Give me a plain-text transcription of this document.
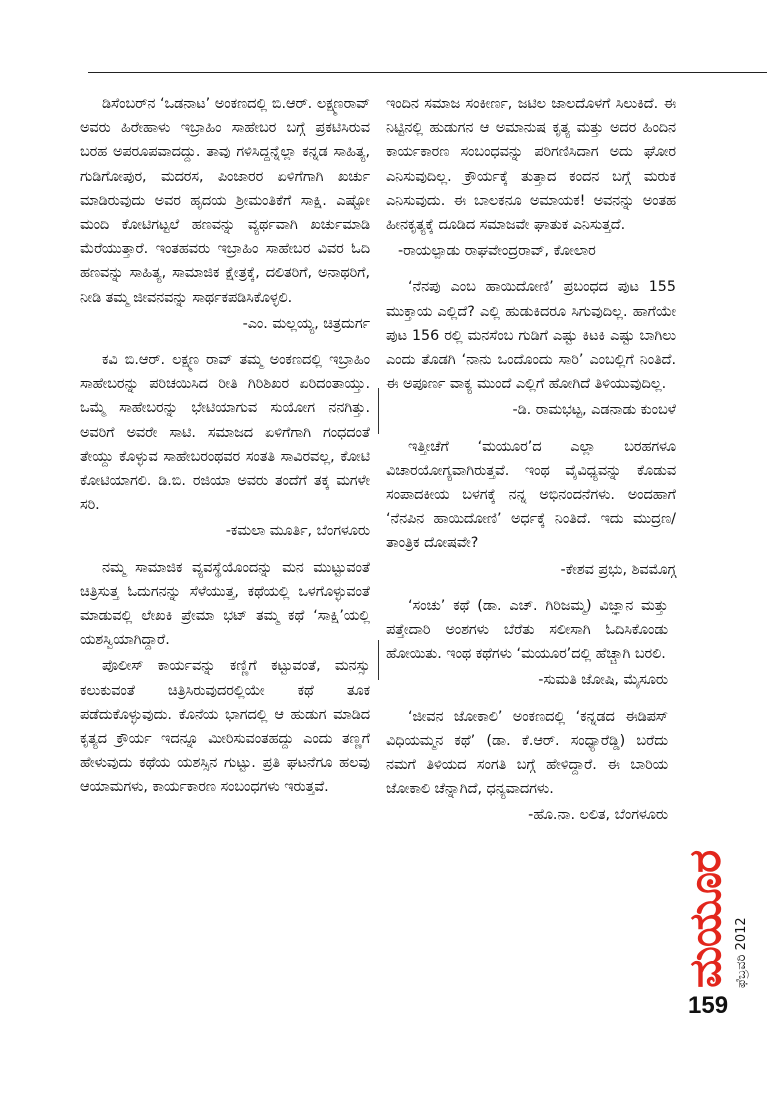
ಡಿಸೆಂಬರ್‌ನ ‘ಒಡನಾಟ’ ಅಂಕಣದಲ್ಲಿ ಬಿ.ಆರ್. ಲಕ್ಷ್ಮಣರಾವ್ ಅವರು ಹಿರೇಹಾಳು ಇಬ್ರಾಹಿಂ ಸಾಹೇಬರ ಬಗ್ಗೆ ಪ್ರಕಟಿಸಿರುವ ಬರಹ ಅಪರೂಪವಾದದ್ದು. ತಾವು ಗಳಿಸಿದ್ದನ್ನೆಲ್ಲಾ ಕನ್ನಡ ಸಾಹಿತ್ಯ, ಗುಡಿಗೋಪುರ, ಮದರಸ, ಪಿಂಜಾರರ ಏಳಿಗೆಗಾಗಿ ಖರ್ಚು ಮಾಡಿರುವುದು ಅವರ ಹೃದಯ ಶ್ರೀಮಂತಿಕೆಗೆ ಸಾಕ್ಷಿ. ಎಷ್ಟೋ ಮಂದಿ ಕೋಟಿಗಟ್ಟಲೆ ಹಣವನ್ನು ವ್ಯರ್ಥವಾಗಿ ಖರ್ಚುಮಾಡಿ ಮೆರೆಯುತ್ತಾರೆ. ಇಂತಹವರು ಇಬ್ರಾಹಿಂ ಸಾಹೇಬರ ವಿವರ ಓದಿ ಹಣವನ್ನು ಸಾಹಿತ್ಯ, ಸಾಮಾಜಿಕ ಕ್ಷೇತ್ರಕ್ಕೆ, ದಲಿತರಿಗೆ, ಅನಾಥರಿಗೆ, ನೀಡಿ ತಮ್ಮ ಜೀವನವನ್ನು ಸಾರ್ಥಕಪಡಿಸಿಕೊಳ್ಳಲಿ.

-ಎಂ. ಮಲ್ಲಯ್ಯ, ಚಿತ್ರದುರ್ಗ

ಕವಿ ಬಿ.ಆರ್. ಲಕ್ಷ್ಮಣ ರಾವ್ ತಮ್ಮ ಅಂಕಣದಲ್ಲಿ ಇಬ್ರಾಹಿಂ ಸಾಹೇಬರನ್ನು ಪರಿಚಯಿಸಿದ ರೀತಿ ಗಿರಿಶಿಖರ ಏರಿದಂತಾಯ್ತು. ಒಮ್ಮೆ ಸಾಹೇಬರನ್ನು ಭೇಟಿಯಾಗುವ ಸುಯೋಗ ನನಗಿತ್ತು. ಅವರಿಗೆ ಅವರೇ ಸಾಟಿ. ಸಮಾಜದ ಏಳಿಗೆಗಾಗಿ ಗಂಧದಂತೆ ತೇಯ್ದು ಕೊಳ್ಳುವ ಸಾಹೇಬರಂಥವರ ಸಂತತಿ ಸಾವಿರವಲ್ಲ, ಕೋಟಿ ಕೋಟಿಯಾಗಲಿ. ಡಿ.ಬಿ. ರಜಿಯಾ ಅವರು ತಂದೆಗೆ ತಕ್ಕ ಮಗಳೇ ಸರಿ.

-ಕಮಲಾ ಮೂರ್ತಿ, ಬೆಂಗಳೂರು

ನಮ್ಮ ಸಾಮಾಜಿಕ ವ್ಯವಸ್ಥೆಯೊಂದನ್ನು ಮನ ಮುಟ್ಟುವಂತೆ ಚಿತ್ರಿಸುತ್ತ ಓದುಗನನ್ನು ಸೆಳೆಯುತ್ತ, ಕಥೆಯಲ್ಲಿ ಒಳಗೊಳ್ಳುವಂತೆ ಮಾಡುವಲ್ಲಿ ಲೇಖಕಿ ಪ್ರೇಮಾ ಭಟ್ ತಮ್ಮ ಕಥೆ ‘ಸಾಕ್ಷಿ’ಯಲ್ಲಿ ಯಶಸ್ವಿಯಾಗಿದ್ದಾರೆ.

ಪೊಲೀಸ್ ಕಾರ್ಯವನ್ನು ಕಣ್ಣಿಗೆ ಕಟ್ಟುವಂತೆ, ಮನಸ್ಸು ಕಲುಕುವಂತೆ ಚಿತ್ರಿಸಿರುವುದರಲ್ಲಿಯೇ ಕಥೆ ತೂಕ ಪಡೆದುಕೊಳ್ಳುವುದು. ಕೊನೆಯ ಭಾಗದಲ್ಲಿ ಆ ಹುಡುಗ ಮಾಡಿದ ಕೃತ್ಯದ ಕ್ರೌರ್ಯ ಇದನ್ನೂ ಮೀರಿಸುವಂತಹದ್ದು ಎಂದು ತಣ್ಣಗೆ ಹೇಳುವುದು ಕಥೆಯ ಯಶಸ್ಸಿನ ಗುಟ್ಟು. ಪ್ರತಿ ಘಟನೆಗೂ ಹಲವು ಆಯಾಮಗಳು, ಕಾರ್ಯಕಾರಣ ಸಂಬಂಧಗಳು ಇರುತ್ತವೆ.

ಇಂದಿನ ಸಮಾಜ ಸಂಕೀರ್ಣ, ಜಟಿಲ ಜಾಲದೊಳಗೆ ಸಿಲುಕಿದೆ. ಈ ನಿಟ್ಟಿನಲ್ಲಿ ಹುಡುಗನ ಆ ಅಮಾನುಷ ಕೃತ್ಯ ಮತ್ತು ಅದರ ಹಿಂದಿನ ಕಾರ್ಯಕಾರಣ ಸಂಬಂಧವನ್ನು ಪರಿಗಣಿಸಿದಾಗ ಅದು ಘೋರ ಎನಿಸುವುದಿಲ್ಲ. ಕ್ರೌರ್ಯಕ್ಕೆ ತುತ್ತಾದ ಕಂದನ ಬಗ್ಗೆ ಮರುಕ ಎನಿಸುವುದು. ಈ ಬಾಲಕನೂ ಅಮಾಯಕ! ಅವನನ್ನು ಅಂತಹ ಹೀನಕೃತ್ಯಕ್ಕೆ ದೂಡಿದ ಸಮಾಜವೇ ಘಾತುಕ ಎನಿಸುತ್ತದೆ.

-ರಾಯಲ್ಪಾಡು ರಾಘವೇಂದ್ರರಾವ್, ಕೋಲಾರ

‘ನೆನಪು ಎಂಬ ಹಾಯಿದೋಣಿ’ ಪ್ರಬಂಧದ ಪುಟ 155 ಮುಕ್ತಾಯ ಎಲ್ಲಿದೆ? ಎಲ್ಲಿ ಹುಡುಕಿದರೂ ಸಿಗುವುದಿಲ್ಲ. ಹಾಗೆಯೇ ಪುಟ 156 ರಲ್ಲಿ ಮನಸೆಂಬ ಗುಡಿಗೆ ಎಷ್ಟು ಕಿಟಕಿ ಎಷ್ಟು ಬಾಗಿಲು ಎಂದು ತೊಡಗಿ ‘ನಾನು ಒಂದೊಂದು ಸಾರಿ’ ಎಂಬಲ್ಲಿಗೆ ನಿಂತಿದೆ. ಈ ಅಪೂರ್ಣ ವಾಕ್ಯ ಮುಂದೆ ಎಲ್ಲಿಗೆ ಹೋಗಿದೆ ತಿಳಿಯುವುದಿಲ್ಲ.

-ಡಿ. ರಾಮಭಟ್ಟ, ಎಡನಾಡು ಕುಂಬಳೆ

ಇತ್ತೀಚೆಗೆ ‘ಮಯೂರ’ದ ಎಲ್ಲಾ ಬರಹಗಳೂ ವಿಚಾರಯೋಗ್ಯವಾಗಿರುತ್ತವೆ. ಇಂಥ ವೈವಿಧ್ಯವನ್ನು ಕೊಡುವ ಸಂಪಾದಕೀಯ ಬಳಗಕ್ಕೆ ನನ್ನ ಅಭಿನಂದನೆಗಳು. ಅಂದಹಾಗೆ ‘ನೆನಪಿನ ಹಾಯಿದೋಣಿ’ ಅರ್ಧಕ್ಕೆ ನಿಂತಿದೆ. ಇದು ಮುದ್ರಣ/ತಾಂತ್ರಿಕ ದೋಷವೇ?

-ಕೇಶವ ಪ್ರಭು, ಶಿವಮೊಗ್ಗ

‘ಸಂಚು’ ಕಥೆ (ಡಾ. ಎಚ್. ಗಿರಿಜಮ್ಮ) ವಿಜ್ಞಾನ ಮತ್ತು ಪತ್ತೇದಾರಿ ಅಂಶಗಳು ಬೆರೆತು ಸಲೀಸಾಗಿ ಓದಿಸಿಕೊಂಡು ಹೋಯಿತು. ಇಂಥ ಕಥೆಗಳು ‘ಮಯೂರ’ದಲ್ಲಿ ಹೆಚ್ಚಾಗಿ ಬರಲಿ.

-ಸುಮತಿ ಜೋಷಿ, ಮೈಸೂರು

‘ಜೀವನ ಜೋಕಾಲಿ’ ಅಂಕಣದಲ್ಲಿ ‘ಕನ್ನಡದ ಈಡಿಪಸ್ ವಿಧಿಯಮ್ಮನ ಕಥೆ’ (ಡಾ. ಕೆ.ಆರ್. ಸಂಧ್ಯಾರೆಡ್ಡಿ) ಬರೆದು ನಮಗೆ ತಿಳಿಯದ ಸಂಗತಿ ಬಗ್ಗೆ ಹೇಳಿದ್ದಾರೆ. ಈ ಬಾರಿಯ ಜೋಕಾಲಿ ಚೆನ್ನಾಗಿದೆ, ಧನ್ಯವಾದಗಳು.

-ಹೊ.ನಾ. ಲಲಿತ, ಬೆಂಗಳೂರು
ಮಯೂರ ಫೆಬ್ರವರಿ 2012
159
